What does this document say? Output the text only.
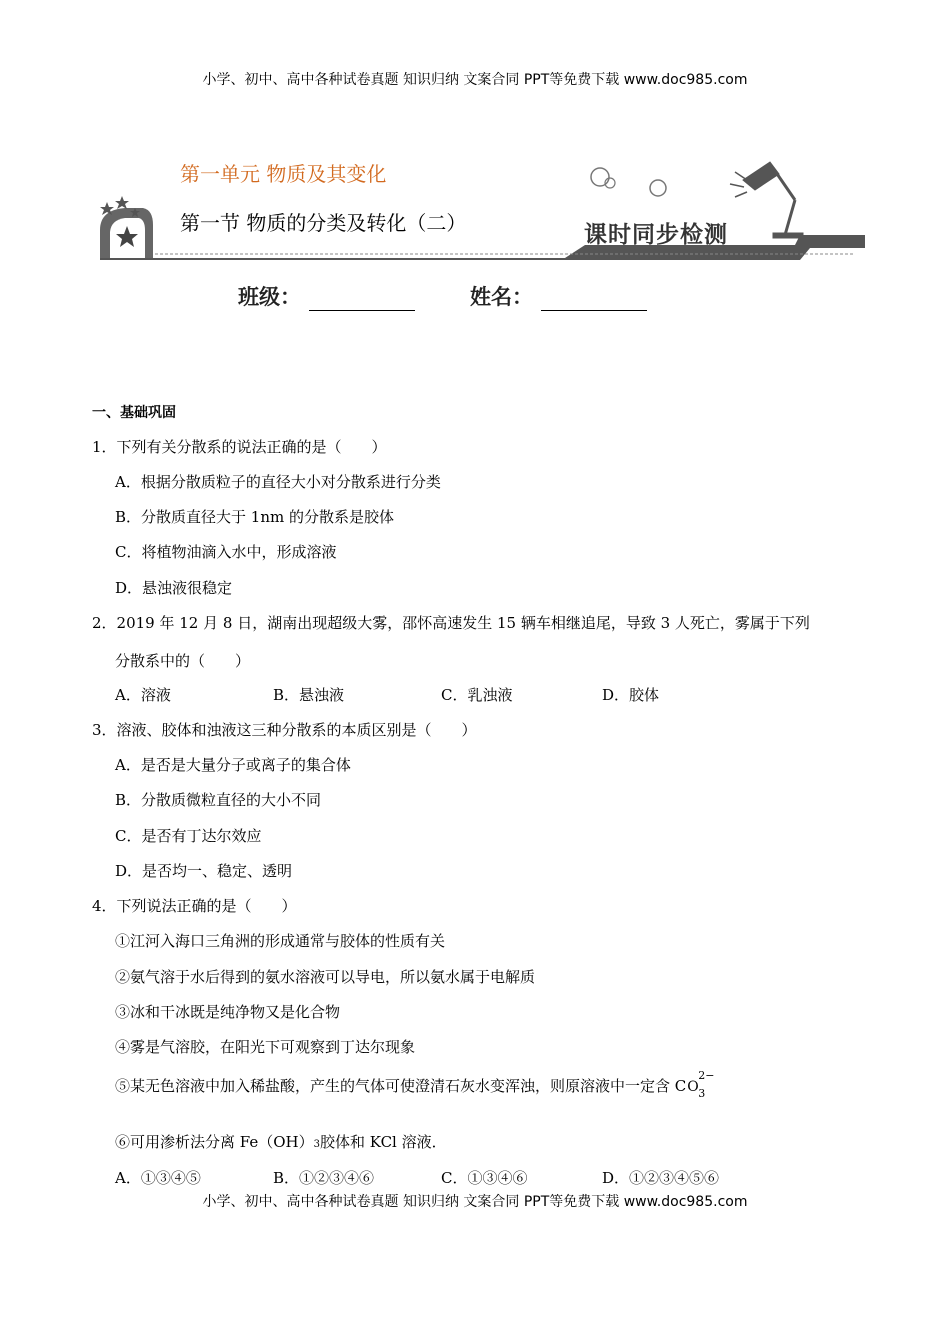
小学、初中、高中各种试卷真题 知识归纳 文案合同 PPT等免费下载 www.doc985.com
第一单元 物质及其变化
第一节 物质的分类及转化（二）	课时同步检测
班级：	姓名：
一、基础巩固
1．下列有关分散系的说法正确的是（　　）
A．根据分散质粒子的直径大小对分散系进行分类
B．分散质直径大于 1nm 的分散系是胶体
C．将植物油滴入水中，形成溶液
D．悬浊液很稳定
2．2019 年 12 月 8 日，湖南出现超级大雾，邵怀高速发生 15 辆车相继追尾，导致 3 人死亡，雾属于下列
分散系中的（　　）
A．溶液	B．悬浊液	C．乳浊液	D．胶体
3．溶液、胶体和浊液这三种分散系的本质区别是（　　）
A．是否是大量分子或离子的集合体
B．分散质微粒直径的大小不同
C．是否有丁达尔效应
D．是否均一、稳定、透明
4．下列说法正确的是（　　）
①江河入海口三角洲的形成通常与胶体的性质有关
②氨气溶于水后得到的氨水溶液可以导电，所以氨水属于电解质
③冰和干冰既是纯净物又是化合物
④雾是气溶胶，在阳光下可观察到丁达尔现象
⑤某无色溶液中加入稀盐酸，产生的气体可使澄清石灰水变浑浊，则原溶液中一定含 C O
2−
3
⑥可用渗析法分离 Fe（OH）3胶体和 KCl 溶液．
A．①③④⑤	B．①②③④⑥	C．①③④⑥	D．①②③④⑤⑥
小学、初中、高中各种试卷真题 知识归纳 文案合同 PPT等免费下载 www.doc985.com
